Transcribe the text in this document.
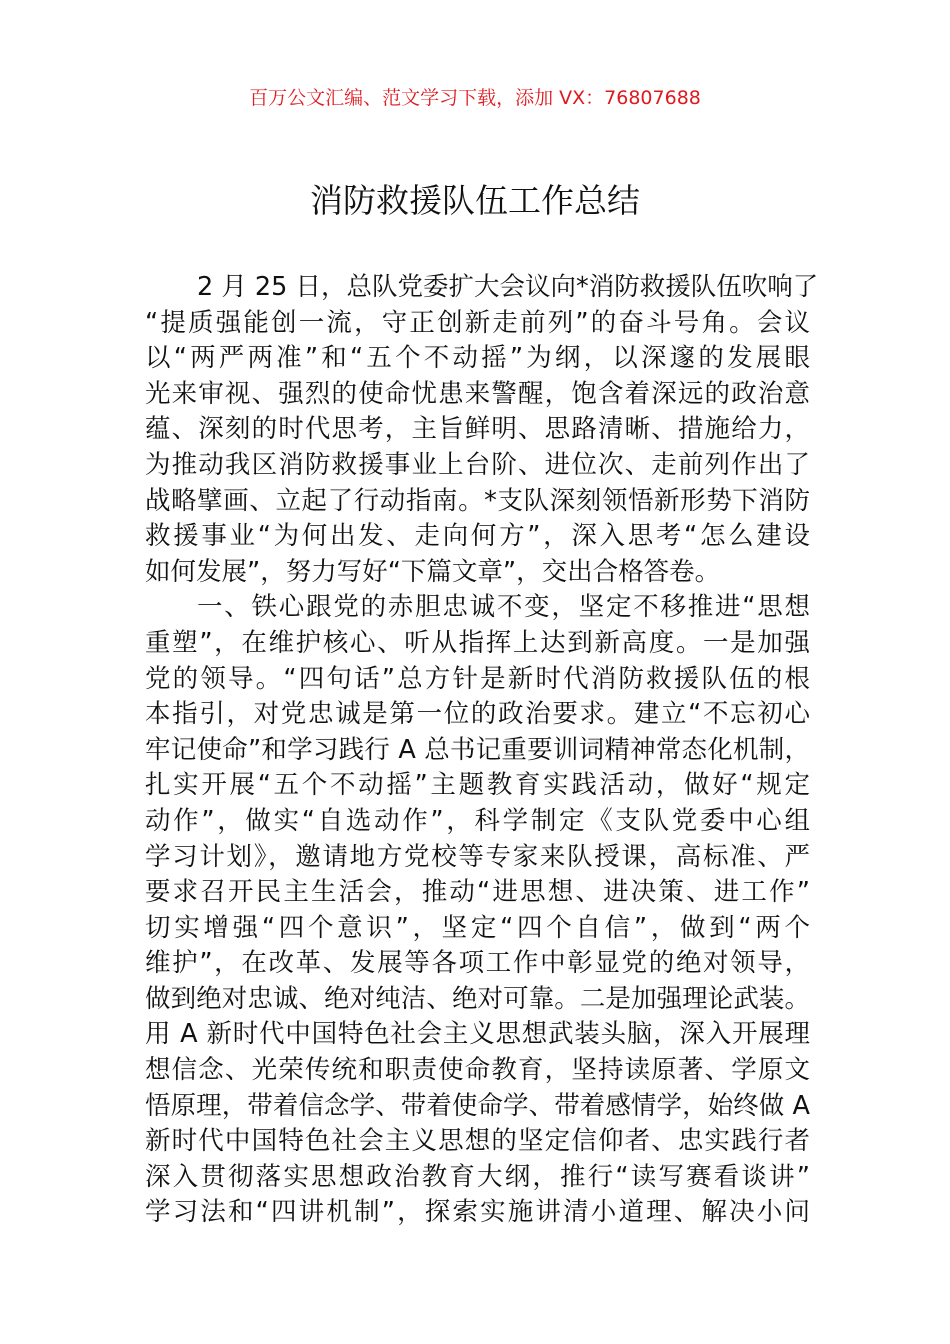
百万公文汇编、范文学习下载，添加 VX：76807688
消防救援队伍工作总结
2 月 25 日，总队党委扩大会议向*消防救援队伍吹响了
“提质强能创一流，守正创新走前列”的奋斗号角。会议
以“两严两准”和“五个不动摇”为纲，以深邃的发展眼
光来审视、强烈的使命忧患来警醒，饱含着深远的政治意
蕴、深刻的时代思考，主旨鲜明、思路清晰、措施给力，
为推动我区消防救援事业上台阶、进位次、走前列作出了
战略擘画、立起了行动指南。*支队深刻领悟新形势下消防
救援事业“为何出发、走向何方”，深入思考“怎么建设
如何发展”，努力写好“下篇文章”，交出合格答卷。
一、铁心跟党的赤胆忠诚不变，坚定不移推进“思想
重塑”，在维护核心、听从指挥上达到新高度。一是加强
党的领导。“四句话”总方针是新时代消防救援队伍的根
本指引，对党忠诚是第一位的政治要求。建立“不忘初心
牢记使命”和学习践行 A 总书记重要训词精神常态化机制，
扎实开展“五个不动摇”主题教育实践活动，做好“规定
动作”，做实“自选动作”，科学制定《支队党委中心组
学习计划》，邀请地方党校等专家来队授课，高标准、严
要求召开民主生活会，推动“进思想、进决策、进工作”
切实增强“四个意识”，坚定“四个自信”，做到“两个
维护”，在改革、发展等各项工作中彰显党的绝对领导，
做到绝对忠诚、绝对纯洁、绝对可靠。二是加强理论武装。
用 A 新时代中国特色社会主义思想武装头脑，深入开展理
想信念、光荣传统和职责使命教育，坚持读原著、学原文
悟原理，带着信念学、带着使命学、带着感情学，始终做 A
新时代中国特色社会主义思想的坚定信仰者、忠实践行者
深入贯彻落实思想政治教育大纲，推行“读写赛看谈讲”
学习法和“四讲机制”，探索实施讲清小道理、解决小问
